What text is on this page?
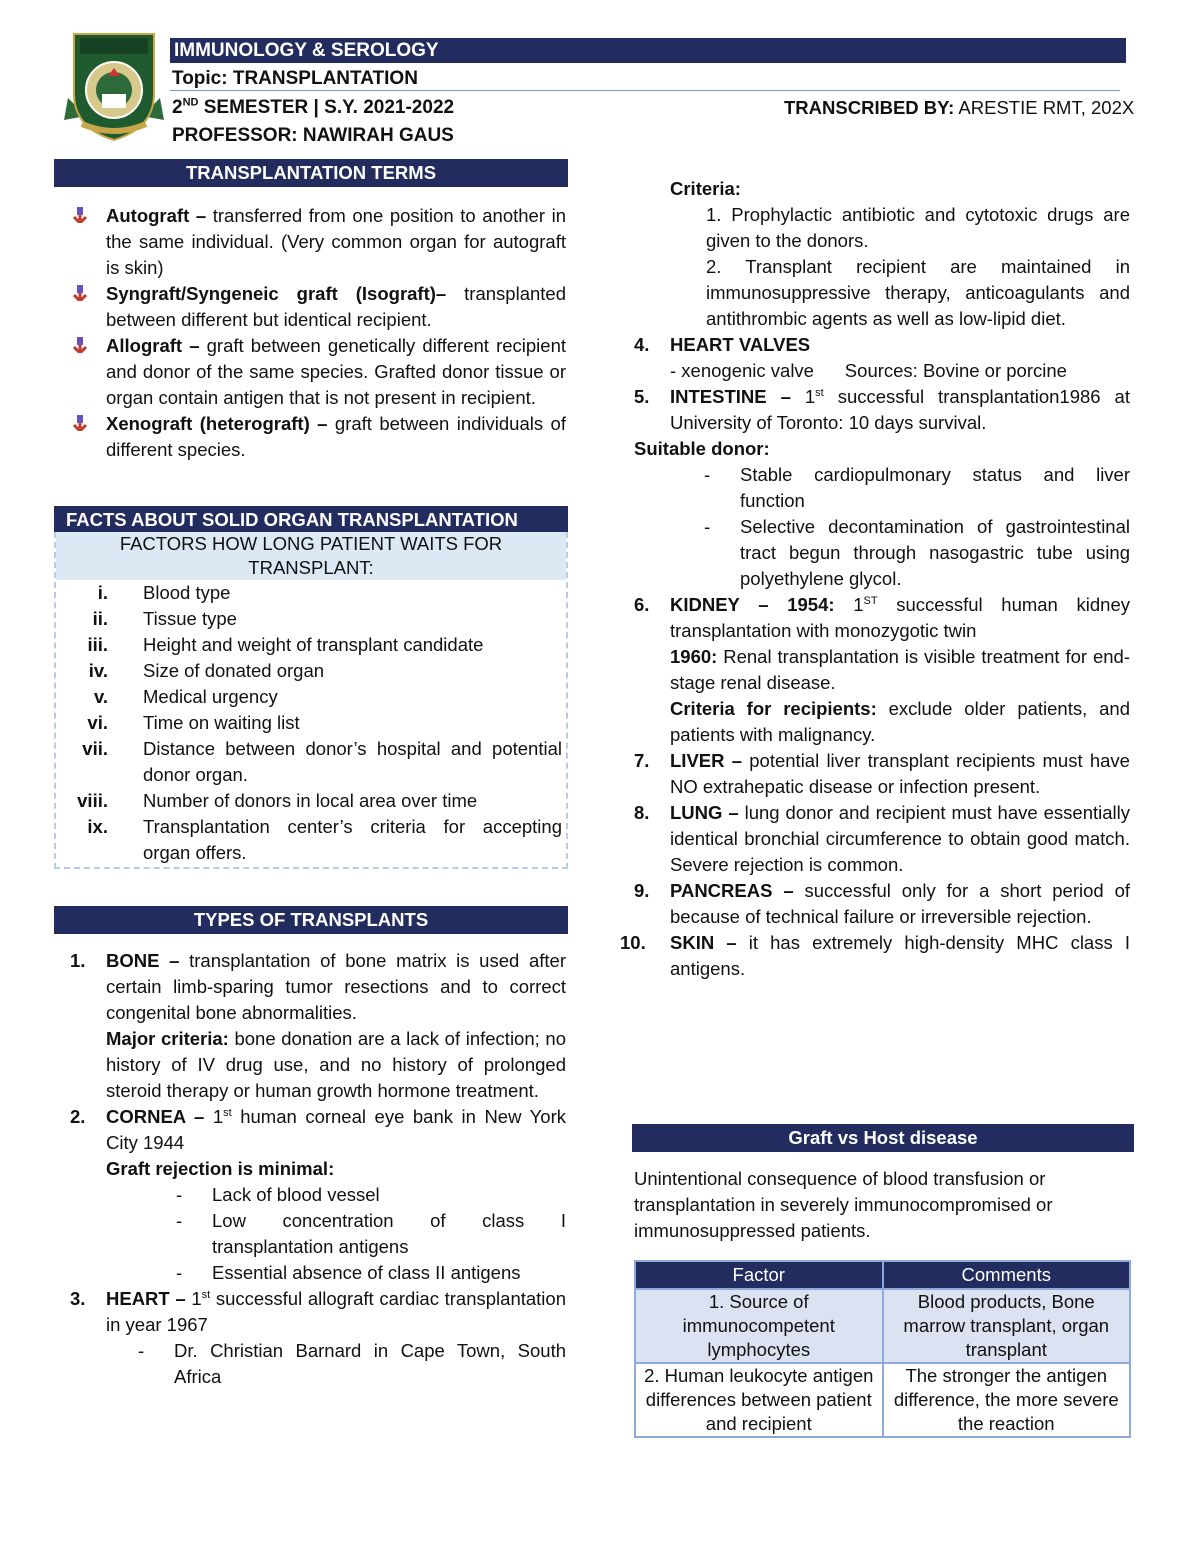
IMMUNOLOGY & SEROLOGY
Topic: TRANSPLANTATION
2ND SEMESTER | S.Y. 2021-2022
PROFESSOR: NAWIRAH GAUS
TRANSCRIBED BY: ARESTIE RMT, 202X
TRANSPLANTATION TERMS
Autograft – transferred from one position to another in the same individual. (Very common organ for autograft is skin)
Syngraft/Syngeneic graft (Isograft)– transplanted between different but identical recipient.
Allograft – graft between genetically different recipient and donor of the same species. Grafted donor tissue or organ contain antigen that is not present in recipient.
Xenograft (heterograft) – graft between individuals of different species.
FACTS ABOUT SOLID ORGAN TRANSPLANTATION
FACTORS HOW LONG PATIENT WAITS FOR TRANSPLANT:
i. Blood type
ii. Tissue type
iii. Height and weight of transplant candidate
iv. Size of donated organ
v. Medical urgency
vi. Time on waiting list
vii. Distance between donor’s hospital and potential donor organ.
viii. Number of donors in local area over time
ix. Transplantation center’s criteria for accepting organ offers.
TYPES OF TRANSPLANTS
1. BONE – transplantation of bone matrix is used after certain limb-sparing tumor resections and to correct congenital bone abnormalities.
Major criteria: bone donation are a lack of infection; no history of IV drug use, and no history of prolonged steroid therapy or human growth hormone treatment.
2. CORNEA – 1st human corneal eye bank in New York City 1944
Graft rejection is minimal:
- Lack of blood vessel
- Low concentration of class I transplantation antigens
- Essential absence of class II antigens
3. HEART – 1st successful allograft cardiac transplantation in year 1967
- Dr. Christian Barnard in Cape Town, South Africa
Criteria:
1. Prophylactic antibiotic and cytotoxic drugs are given to the donors.
2. Transplant recipient are maintained in immunosuppressive therapy, anticoagulants and antithrombic agents as well as low-lipid diet.
4. HEART VALVES
- xenogenic valve      Sources: Bovine or porcine
5. INTESTINE – 1st successful transplantation1986 at University of Toronto: 10 days survival.
Suitable donor:
- Stable cardiopulmonary status and liver function
- Selective decontamination of gastrointestinal tract begun through nasogastric tube using polyethylene glycol.
6. KIDNEY – 1954: 1ST successful human kidney transplantation with monozygotic twin
1960: Renal transplantation is visible treatment for end-stage renal disease.
Criteria for recipients: exclude older patients, and patients with malignancy.
7. LIVER – potential liver transplant recipients must have NO extrahepatic disease or infection present.
8. LUNG – lung donor and recipient must have essentially identical bronchial circumference to obtain good match. Severe rejection is common.
9. PANCREAS – successful only for a short period of because of technical failure or irreversible rejection.
10. SKIN – it has extremely high-density MHC class I antigens.
Graft vs Host disease
Unintentional consequence of blood transfusion or transplantation in severely immunocompromised or immunosuppressed patients.
Factor	Comments
1. Source of immunocompetent lymphocytes	Blood products, Bone marrow transplant, organ transplant
2. Human leukocyte antigen differences between patient and recipient	The stronger the antigen difference, the more severe the reaction
